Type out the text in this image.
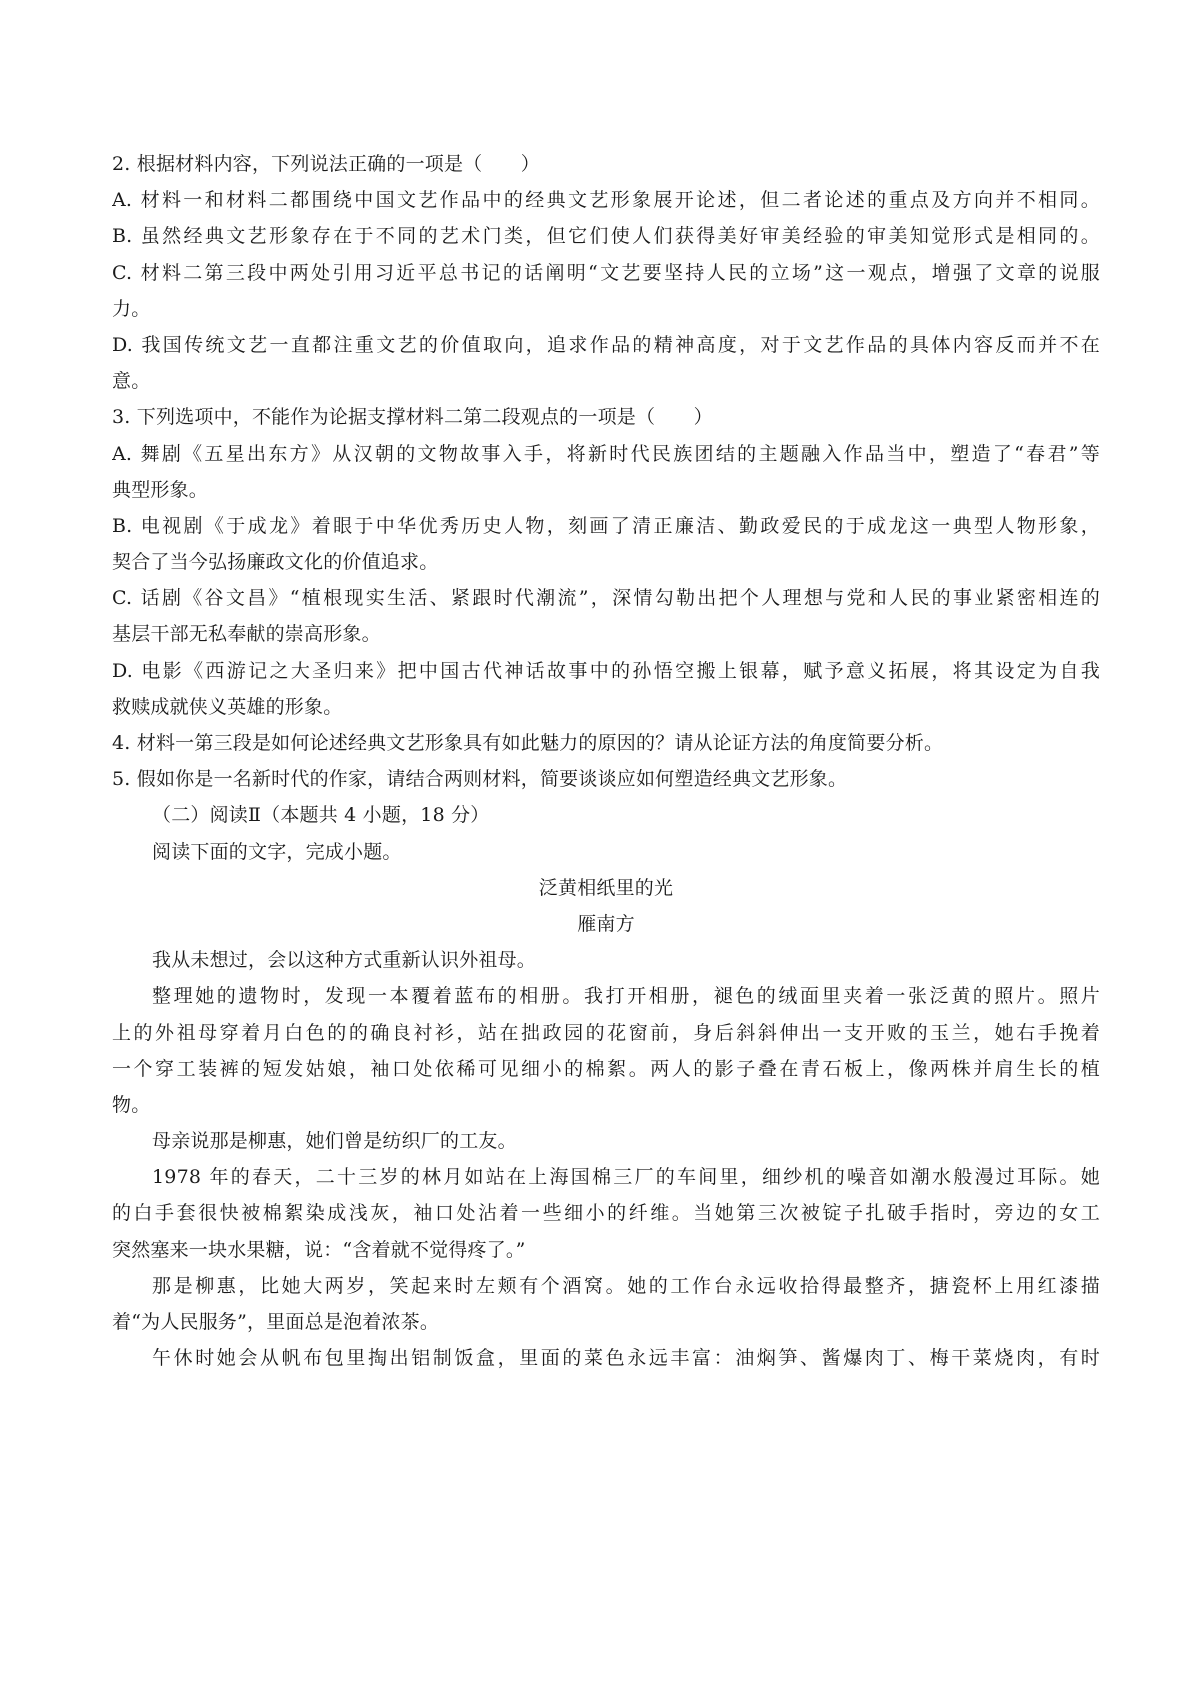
2. 根据材料内容，下列说法正确的一项是（　　）
A. 材料一和材料二都围绕中国文艺作品中的经典文艺形象展开论述，但二者论述的重点及方向并不相同。
B. 虽然经典文艺形象存在于不同的艺术门类，但它们使人们获得美好审美经验的审美知觉形式是相同的。
C. 材料二第三段中两处引用习近平总书记的话阐明“文艺要坚持人民的立场”这一观点，增强了文章的说服
力。
D. 我国传统文艺一直都注重文艺的价值取向，追求作品的精神高度，对于文艺作品的具体内容反而并不在
意。
3. 下列选项中，不能作为论据支撑材料二第二段观点的一项是（　　）
A. 舞剧《五星出东方》从汉朝的文物故事入手，将新时代民族团结的主题融入作品当中，塑造了“春君”等
典型形象。
B. 电视剧《于成龙》着眼于中华优秀历史人物，刻画了清正廉洁、勤政爱民的于成龙这一典型人物形象，
契合了当今弘扬廉政文化的价值追求。
C. 话剧《谷文昌》“植根现实生活、紧跟时代潮流”，深情勾勒出把个人理想与党和人民的事业紧密相连的
基层干部无私奉献的崇高形象。
D. 电影《西游记之大圣归来》把中国古代神话故事中的孙悟空搬上银幕，赋予意义拓展，将其设定为自我
救赎成就侠义英雄的形象。
4. 材料一第三段是如何论述经典文艺形象具有如此魅力的原因的？请从论证方法的角度简要分析。
5. 假如你是一名新时代的作家，请结合两则材料，简要谈谈应如何塑造经典文艺形象。
（二）阅读Ⅱ（本题共 4 小题，18 分）
阅读下面的文字，完成小题。
泛黄相纸里的光
雁南方
我从未想过，会以这种方式重新认识外祖母。
整理她的遗物时，发现一本覆着蓝布的相册。我打开相册，褪色的绒面里夹着一张泛黄的照片。照片
上的外祖母穿着月白色的的确良衬衫，站在拙政园的花窗前，身后斜斜伸出一支开败的玉兰，她右手挽着
一个穿工装裤的短发姑娘，袖口处依稀可见细小的棉絮。两人的影子叠在青石板上，像两株并肩生长的植
物。
母亲说那是柳惠，她们曾是纺织厂的工友。
1978 年的春天，二十三岁的林月如站在上海国棉三厂的车间里，细纱机的噪音如潮水般漫过耳际。她
的白手套很快被棉絮染成浅灰，袖口处沾着一些细小的纤维。当她第三次被锭子扎破手指时，旁边的女工
突然塞来一块水果糖，说：“含着就不觉得疼了。”
那是柳惠，比她大两岁，笑起来时左颊有个酒窝。她的工作台永远收拾得最整齐，搪瓷杯上用红漆描
着“为人民服务”，里面总是泡着浓茶。
午休时她会从帆布包里掏出铝制饭盒，里面的菜色永远丰富：油焖笋、酱爆肉丁、梅干菜烧肉，有时
